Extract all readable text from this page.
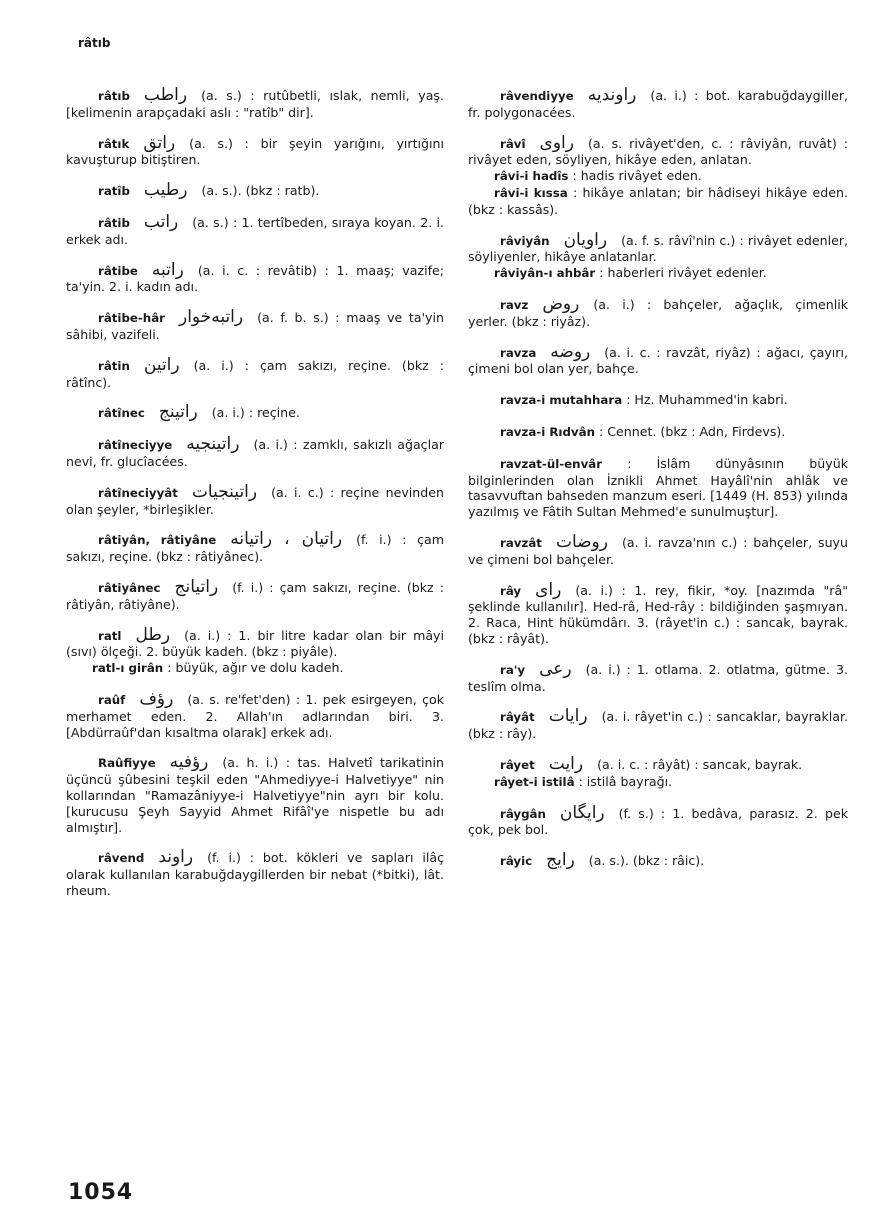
râtıb
râtıb راطب (a. s.) : rutûbetli, ıslak, nemli, yaş. [kelimenin arapçadaki aslı : "ratîb" dir].
râtık راتق (a. s.) : bir şeyin yarığını, yırtığını kavuşturup bitiştiren.
ratîb رطيب (a. s.). (bkz : ratb).
râtib راتب (a. s.) : 1. tertîbeden, sıraya koyan. 2. i. erkek adı.
râtibe راتبه (a. i. c. : revâtib) : 1. maaş; vazife; ta'yin. 2. i. kadın adı.
râtibe-hâr راتبه‌خوار (a. f. b. s.) : maaş ve ta'yin sâhibi, vazifeli.
râtin راتين (a. i.) : çam sakızı, reçine. (bkz : râtînc).
râtînec راتينج (a. i.) : reçine.
râtîneciyye راتينجيه (a. i.) : zamklı, sakızlı ağaçlar nevi, fr. glucîacées.
râtîneciyyât راتينجيات (a. i. c.) : reçine nevinden olan şeyler, *birleşikler.
râtiyân, râtiyâne راتيان ، راتيانه (f. i.) : çam sakızı, reçine. (bkz : râtiyânec).
râtiyânec راتيانج (f. i.) : çam sakızı, reçine. (bkz : râtiyân, râtiyâne).
ratl رطل (a. i.) : 1. bir litre kadar olan bir mâyi (sıvı) ölçeği. 2. büyük kadeh. (bkz : piyâle).
ratl-ı girân : büyük, ağır ve dolu kadeh.
raûf رؤف (a. s. re'fet'den) : 1. pek esirgeyen, çok merhamet eden. 2. Allah'ın adlarından biri. 3. [Abdürraûf'dan kısaltma olarak] erkek adı.
Raûfiyye رؤفيه (a. h. i.) : tas. Halvetî tarikatinin üçüncü şûbesini teşkil eden "Ahmediyye-i Halvetiyye" nin kollarından "Ramazâniyye-i Halvetiyye"nin ayrı bir kolu. [kurucusu Şeyh Sayyid Ahmet Rifâî'ye nispetle bu adı almıştır].
râvend راوند (f. i.) : bot. kökleri ve sapları ilâç olarak kullanılan karabuğdaygillerden bir nebat (*bitki), lât. rheum.
râvendiyye راونديه (a. i.) : bot. karabuğdaygiller, fr. polygonacées.
râvî راوى (a. s. rivâyet'den, c. : râviyân, ruvât) : rivâyet eden, söyliyen, hikâye eden, anlatan.
râvi-i hadîs : hadis rivâyet eden.
râvi-i kıssa : hikâye anlatan; bir hâdiseyi hikâye eden. (bkz : kassâs).
râviyân راويان (a. f. s. râvî'nin c.) : rivâyet edenler, söyliyenler, hikâye anlatanlar.
râviyân-ı ahbâr : haberleri rivâyet edenler.
ravz روض (a. i.) : bahçeler, ağaçlık, çimenlik yerler. (bkz : riyâz).
ravza روضه (a. i. c. : ravzât, riyâz) : ağacı, çayırı, çimeni bol olan yer, bahçe.
ravza-i mutahhara : Hz. Muhammed'in kabri.
ravza-i Rıdvân : Cennet. (bkz : Adn, Firdevs).
ravzat-ül-envâr : İslâm dünyâsının büyük bilginlerinden olan İznikli Ahmet Hayâlî'nin ahlâk ve tasavvuftan bahseden manzum eseri. [1449 (H. 853) yılında yazılmış ve Fâtih Sultan Mehmed'e sunulmuştur].
ravzât روضات (a. i. ravza'nın c.) : bahçeler, suyu ve çimeni bol bahçeler.
rây راى (a. i.) : 1. rey, fikir, *oy. [nazımda "râ" şeklinde kullanılır]. Hed-râ, Hed-rây : bildiğinden şaşmıyan. 2. Raca, Hint hükümdârı. 3. (râyet'in c.) : sancak, bayrak. (bkz : râyât).
ra'y رعى (a. i.) : 1. otlama. 2. otlatma, gütme. 3. teslîm olma.
râyât رايات (a. i. râyet'in c.) : sancaklar, bayraklar. (bkz : rây).
râyet رايت (a. i. c. : râyât) : sancak, bayrak.
râyet-i istilâ : istilâ bayrağı.
râygân رايگان (f. s.) : 1. bedâva, parasız. 2. pek çok, pek bol.
râyic رايج (a. s.). (bkz : râic).
1054
